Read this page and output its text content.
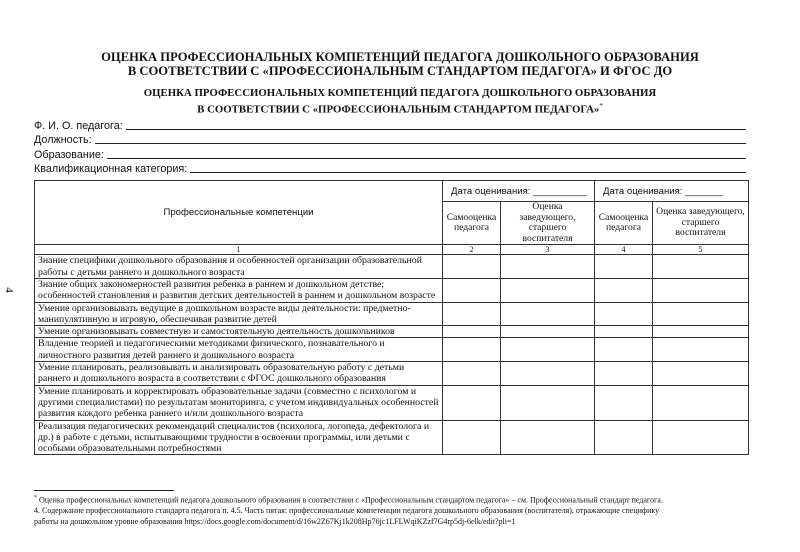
4
ОЦЕНКА ПРОФЕССИОНАЛЬНЫХ КОМПЕТЕНЦИЙ ПЕДАГОГА ДОШКОЛЬНОГО ОБРАЗОВАНИЯ
В СООТВЕТСТВИИ С «ПРОФЕССИОНАЛЬНЫМ СТАНДАРТОМ ПЕДАГОГА» И ФГОС ДО
ОЦЕНКА ПРОФЕССИОНАЛЬНЫХ КОМПЕТЕНЦИЙ ПЕДАГОГА ДОШКОЛЬНОГО ОБРАЗОВАНИЯ
В СООТВЕТСТВИИ С «ПРОФЕССИОНАЛЬНЫМ СТАНДАРТОМ ПЕДАГОГА»*
Ф. И. О. педагога:
Должность:
Образование:
Квалификационная категория:
Профессиональные компетенции	Дата оценивания: __________		Дата оценивания: _______	
	Самооценка педагога	Оценка заведующего, старшего воспитателя	Самооценка педагога	Оценка заведующего, старшего воспитателя
1	2	3	4	5
Знание специфики дошкольного образования и особенностей организации образовательной работы с детьми раннего и дошкольного возраста				
Знание общих закономерностей развития ребенка в раннем и дошкольном детстве; особенностей становления и развития детских деятельностей в раннем и дошкольном возрасте				
Умение организовывать ведущие в дошкольном возрасте виды деятельности: предметно-манипулятивную и игровую, обеспечивая развитие детей				
Умение организовывать совместную и самостоятельную деятельность дошкольников				
Владение теорией и педагогическими методиками физического, познавательного и личностного развития детей раннего и дошкольного возраста				
Умение планировать, реализовывать и анализировать образовательную работу с детьми раннего и дошкольного возраста в соответствии с ФГОС дошкольного образования				
Умение планировать и корректировать образовательные задачи (совместно с психологом и другими специалистами) по результатам мониторинга, с учетом индивидуальных особенностей развития каждого ребенка раннего и/или дошкольного возраста				
Реализация педагогических рекомендаций специалистов (психолога, логопеда, дефектолога и др.) в работе с детьми, испытывающими трудности в освоении программы, или детьми с особыми образовательными потребностями				
* Оценка профессиональных компетенций педагога дошкольного образования в соответствии с «Профессиональным стандартом педагога» – см. Профессиональный стандарт педагога.
4. Содержание профессионального стандарта педагога п. 4.5. Часть пятая: профессиональные компетенции педагога дошкольного образования (воспитателя), отражающие специфику
работы на дошкольном уровне образования https://docs.google.com/document/d/16w2Z67Kj1k208Hp76jc1LFLWqiKZzf7G4rp5dj-6elk/edit?pli=1
